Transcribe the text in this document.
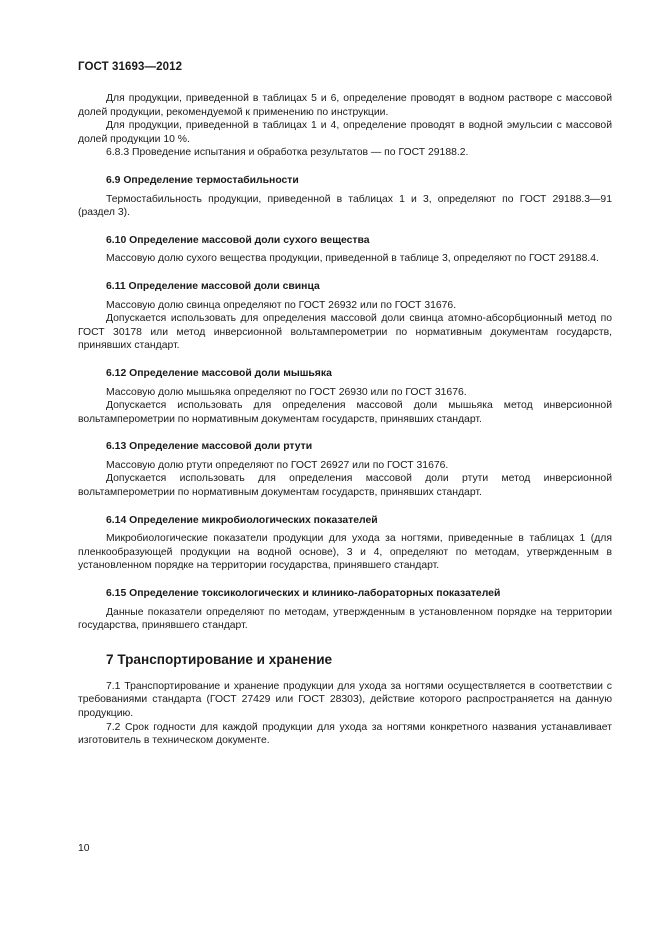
ГОСТ 31693—2012

Для продукции, приведенной в таблицах 5 и 6, определение проводят в водном растворе с массовой долей продукции, рекомендуемой к применению по инструкции.

Для продукции, приведенной в таблицах 1 и 4, определение проводят в водной эмульсии с массовой долей продукции 10 %.

6.8.3 Проведение испытания и обработка результатов — по ГОСТ 29188.2.

6.9 Определение термостабильности

Термостабильность продукции, приведенной в таблицах 1 и 3, определяют по ГОСТ 29188.3—91 (раздел 3).

6.10 Определение массовой доли сухого вещества

Массовую долю сухого вещества продукции, приведенной в таблице 3, определяют по ГОСТ 29188.4.

6.11 Определение массовой доли свинца

Массовую долю свинца определяют по ГОСТ 26932 или по ГОСТ 31676.

Допускается использовать для определения массовой доли свинца атомно-абсорбционный метод по ГОСТ 30178 или метод инверсионной вольтамперометрии по нормативным документам государств, принявших стандарт.

6.12 Определение массовой доли мышьяка

Массовую долю мышьяка определяют по ГОСТ 26930 или по ГОСТ 31676.

Допускается использовать для определения массовой доли мышьяка метод инверсионной вольтамперометрии по нормативным документам государств, принявших стандарт.

6.13 Определение массовой доли ртути

Массовую долю ртути определяют по ГОСТ 26927 или по ГОСТ 31676.

Допускается использовать для определения массовой доли ртути метод инверсионной вольтамперометрии по нормативным документам государств, принявших стандарт.

6.14 Определение микробиологических показателей

Микробиологические показатели продукции для ухода за ногтями, приведенные в таблицах 1 (для пленкообразующей продукции на водной основе), 3 и 4, определяют по методам, утвержденным в установленном порядке на территории государства, принявшего стандарт.

6.15 Определение токсикологических и клинико-лабораторных показателей

Данные показатели определяют по методам, утвержденным в установленном порядке на территории государства, принявшего стандарт.

7 Транспортирование и хранение

7.1 Транспортирование и хранение продукции для ухода за ногтями осуществляется в соответствии с требованиями стандарта (ГОСТ 27429 или ГОСТ 28303), действие которого распространяется на данную продукцию.

7.2 Срок годности для каждой продукции для ухода за ногтями конкретного названия устанавливает изготовитель в техническом документе.

10
